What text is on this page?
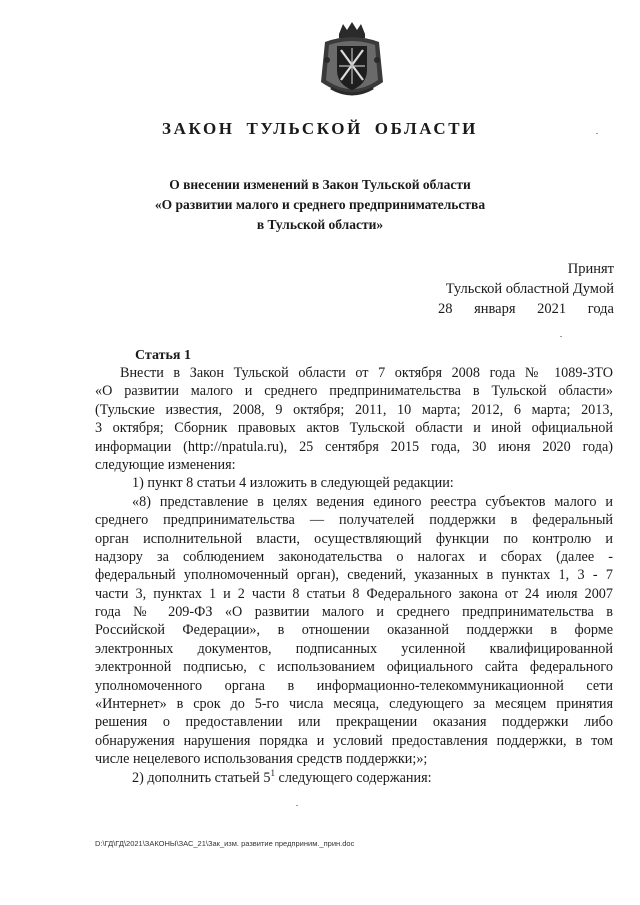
ЗАКОН ТУЛЬСКОЙ ОБЛАСТИ
О внесении изменений в Закон Тульской области
«О развитии малого и среднего предпринимательства
в Тульской области»
Принят
Тульской областной Думой
28 января 2021 года
Статья 1
Внести в Закон Тульской области от 7 октября 2008 года № 1089-ЗТО
«О развитии малого и среднего предпринимательства в Тульской области»
(Тульские известия, 2008, 9 октября; 2011, 10 марта; 2012, 6 марта; 2013,
3 октября; Сборник правовых актов Тульской области и иной официальной
информации (http://npatula.ru), 25 сентября 2015 года, 30 июня 2020 года)
следующие изменения:
1) пункт 8 статьи 4 изложить в следующей редакции:
«8) представление в целях ведения единого реестра субъектов малого и
среднего предпринимательства — получателей поддержки в федеральный
орган исполнительной власти, осуществляющий функции по контролю и
надзору за соблюдением законодательства о налогах и сборах (далее -
федеральный уполномоченный орган), сведений, указанных в пунктах 1, 3 - 7
части 3, пунктах 1 и 2 части 8 статьи 8 Федерального закона от 24 июля 2007
года № 209-ФЗ «О развитии малого и среднего предпринимательства в
Российской Федерации», в отношении оказанной поддержки в форме
электронных документов, подписанных усиленной квалифицированной
электронной подписью, с использованием официального сайта федерального
уполномоченного органа в информационно-телекоммуникационной сети
«Интернет» в срок до 5-го числа месяца, следующего за месяцем принятия
решения о предоставлении или прекращении оказания поддержки либо
обнаружения нарушения порядка и условий предоставления поддержки, в том
числе нецелевого использования средств поддержки;»;
2) дополнить статьей $5^1$ следующего содержания:
D:\ГД\ГД\2021\ЗАКОНЫ\ЗАС_21\Зак_изм. развитие предприним._прин.doc
